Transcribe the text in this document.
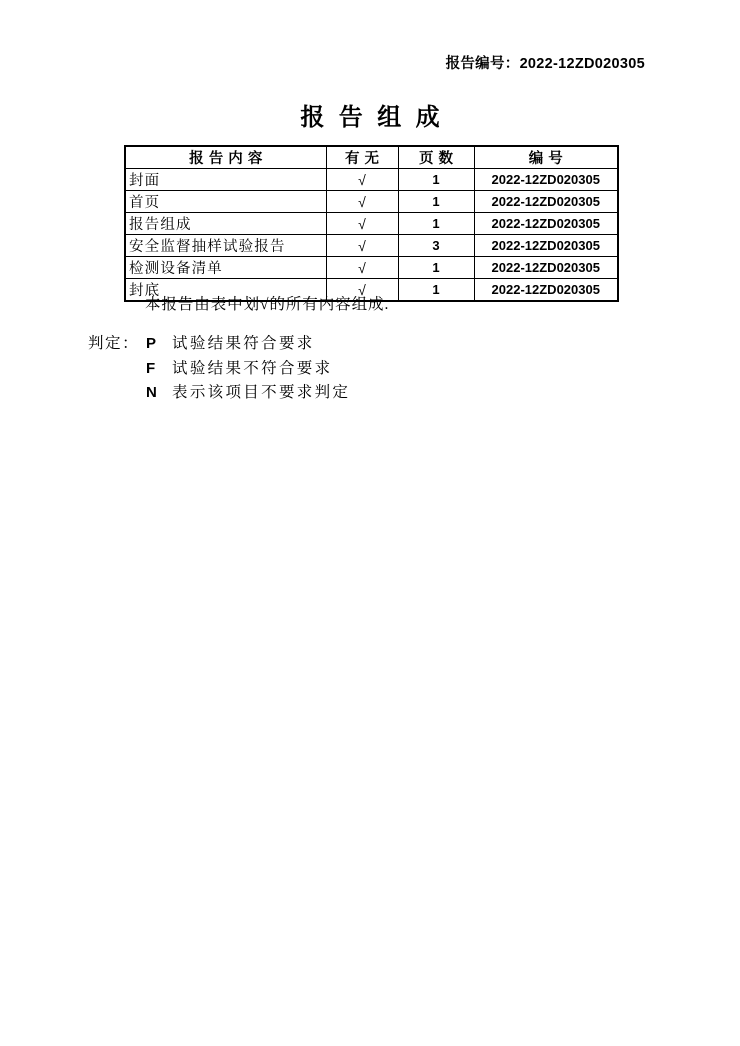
报告编号：2022-12ZD020305
报告组成
报告内容	有无	页数	编号
封面	√	1	2022-12ZD020305
首页	√	1	2022-12ZD020305
报告组成	√	1	2022-12ZD020305
安全监督抽样试验报告	√	3	2022-12ZD020305
检测设备清单	√	1	2022-12ZD020305
封底	√	1	2022-12ZD020305
本报告由表中划√的所有内容组成.
判定： P	试验结果符合要求
F	试验结果不符合要求
N 表示该项目不要求判定
